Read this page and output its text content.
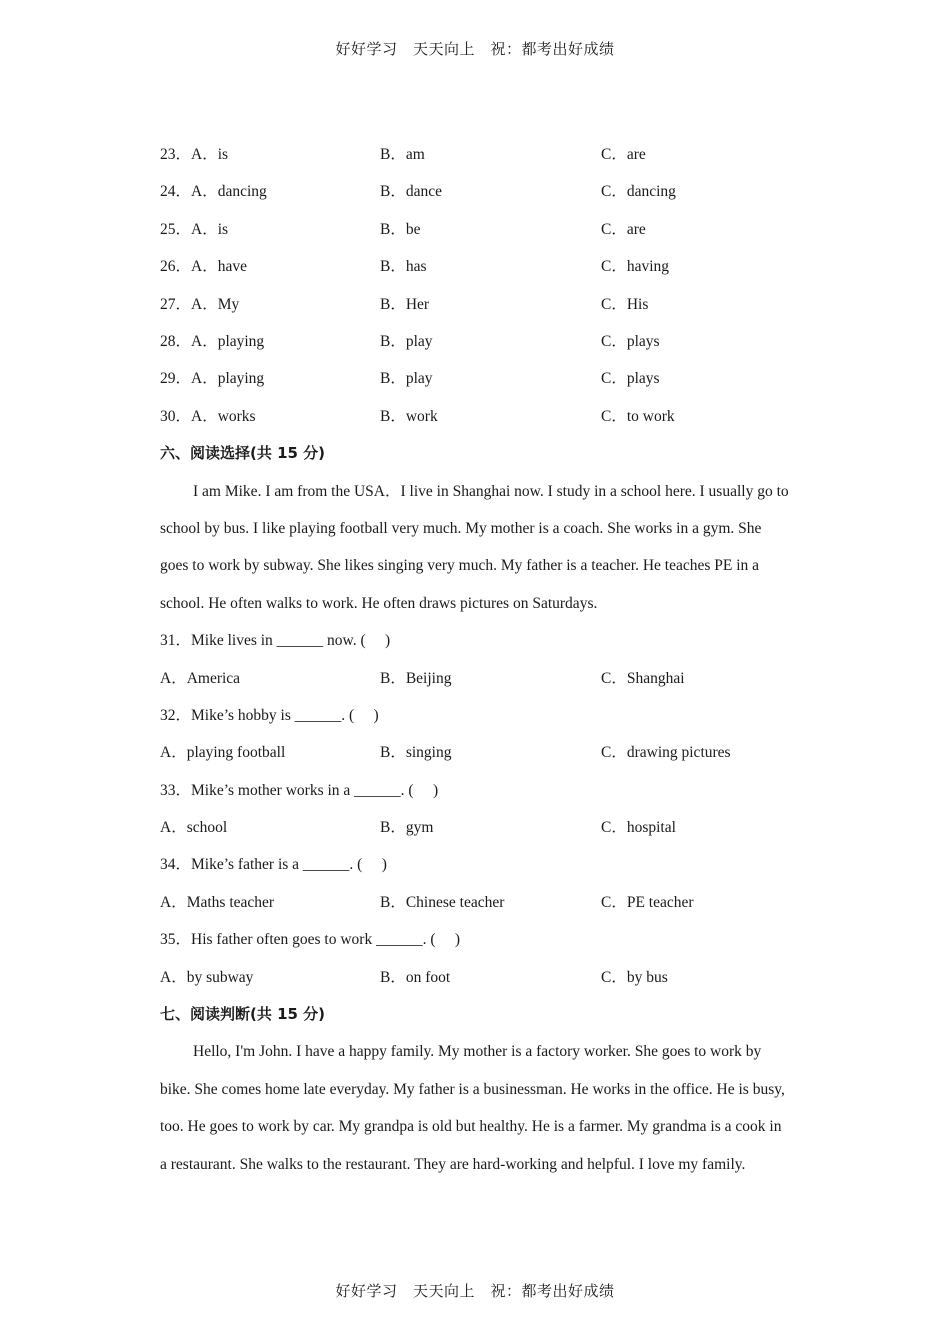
好好学习　天天向上　祝：都考出好成绩
23．A．is	B．am	C．are
24．A．dancing	B．dance	C．dancing
25．A．is	B．be	C．are
26．A．have	B．has	C．having
27．A．My	B．Her	C．His
28．A．playing	B．play	C．plays
29．A．playing	B．play	C．plays
30．A．works	B．work	C．to work
六、阅读选择(共 15 分)

I am Mike. I am from the USA．I live in Shanghai now. I study in a school here. I usually go to school by bus. I like playing football very much. My mother is a coach. She works in a gym. She goes to work by subway. She likes singing very much. My father is a teacher. He teaches PE in a school. He often walks to work. He often draws pictures on Saturdays.

31．Mike lives in ______ now. (　 )
A．America	B．Beijing	C．Shanghai
32．Mike’s hobby is ______. (　 )
A．playing football	B．singing	C．drawing pictures
33．Mike’s mother works in a ______. (　 )
A．school	B．gym	C．hospital
34．Mike’s father is a ______. (　 )
A．Maths teacher	B．Chinese teacher	C．PE teacher
35．His father often goes to work ______. (　 )
A．by subway	B．on foot	C．by bus
七、阅读判断(共 15 分)

Hello, I'm John. I have a happy family. My mother is a factory worker. She goes to work by bike. She comes home late everyday. My father is a businessman. He works in the office. He is busy, too. He goes to work by car. My grandpa is old but healthy. He is a farmer. My grandma is a cook in a restaurant. She walks to the restaurant. They are hard-working and helpful. I love my family.

好好学习　天天向上　祝：都考出好成绩
